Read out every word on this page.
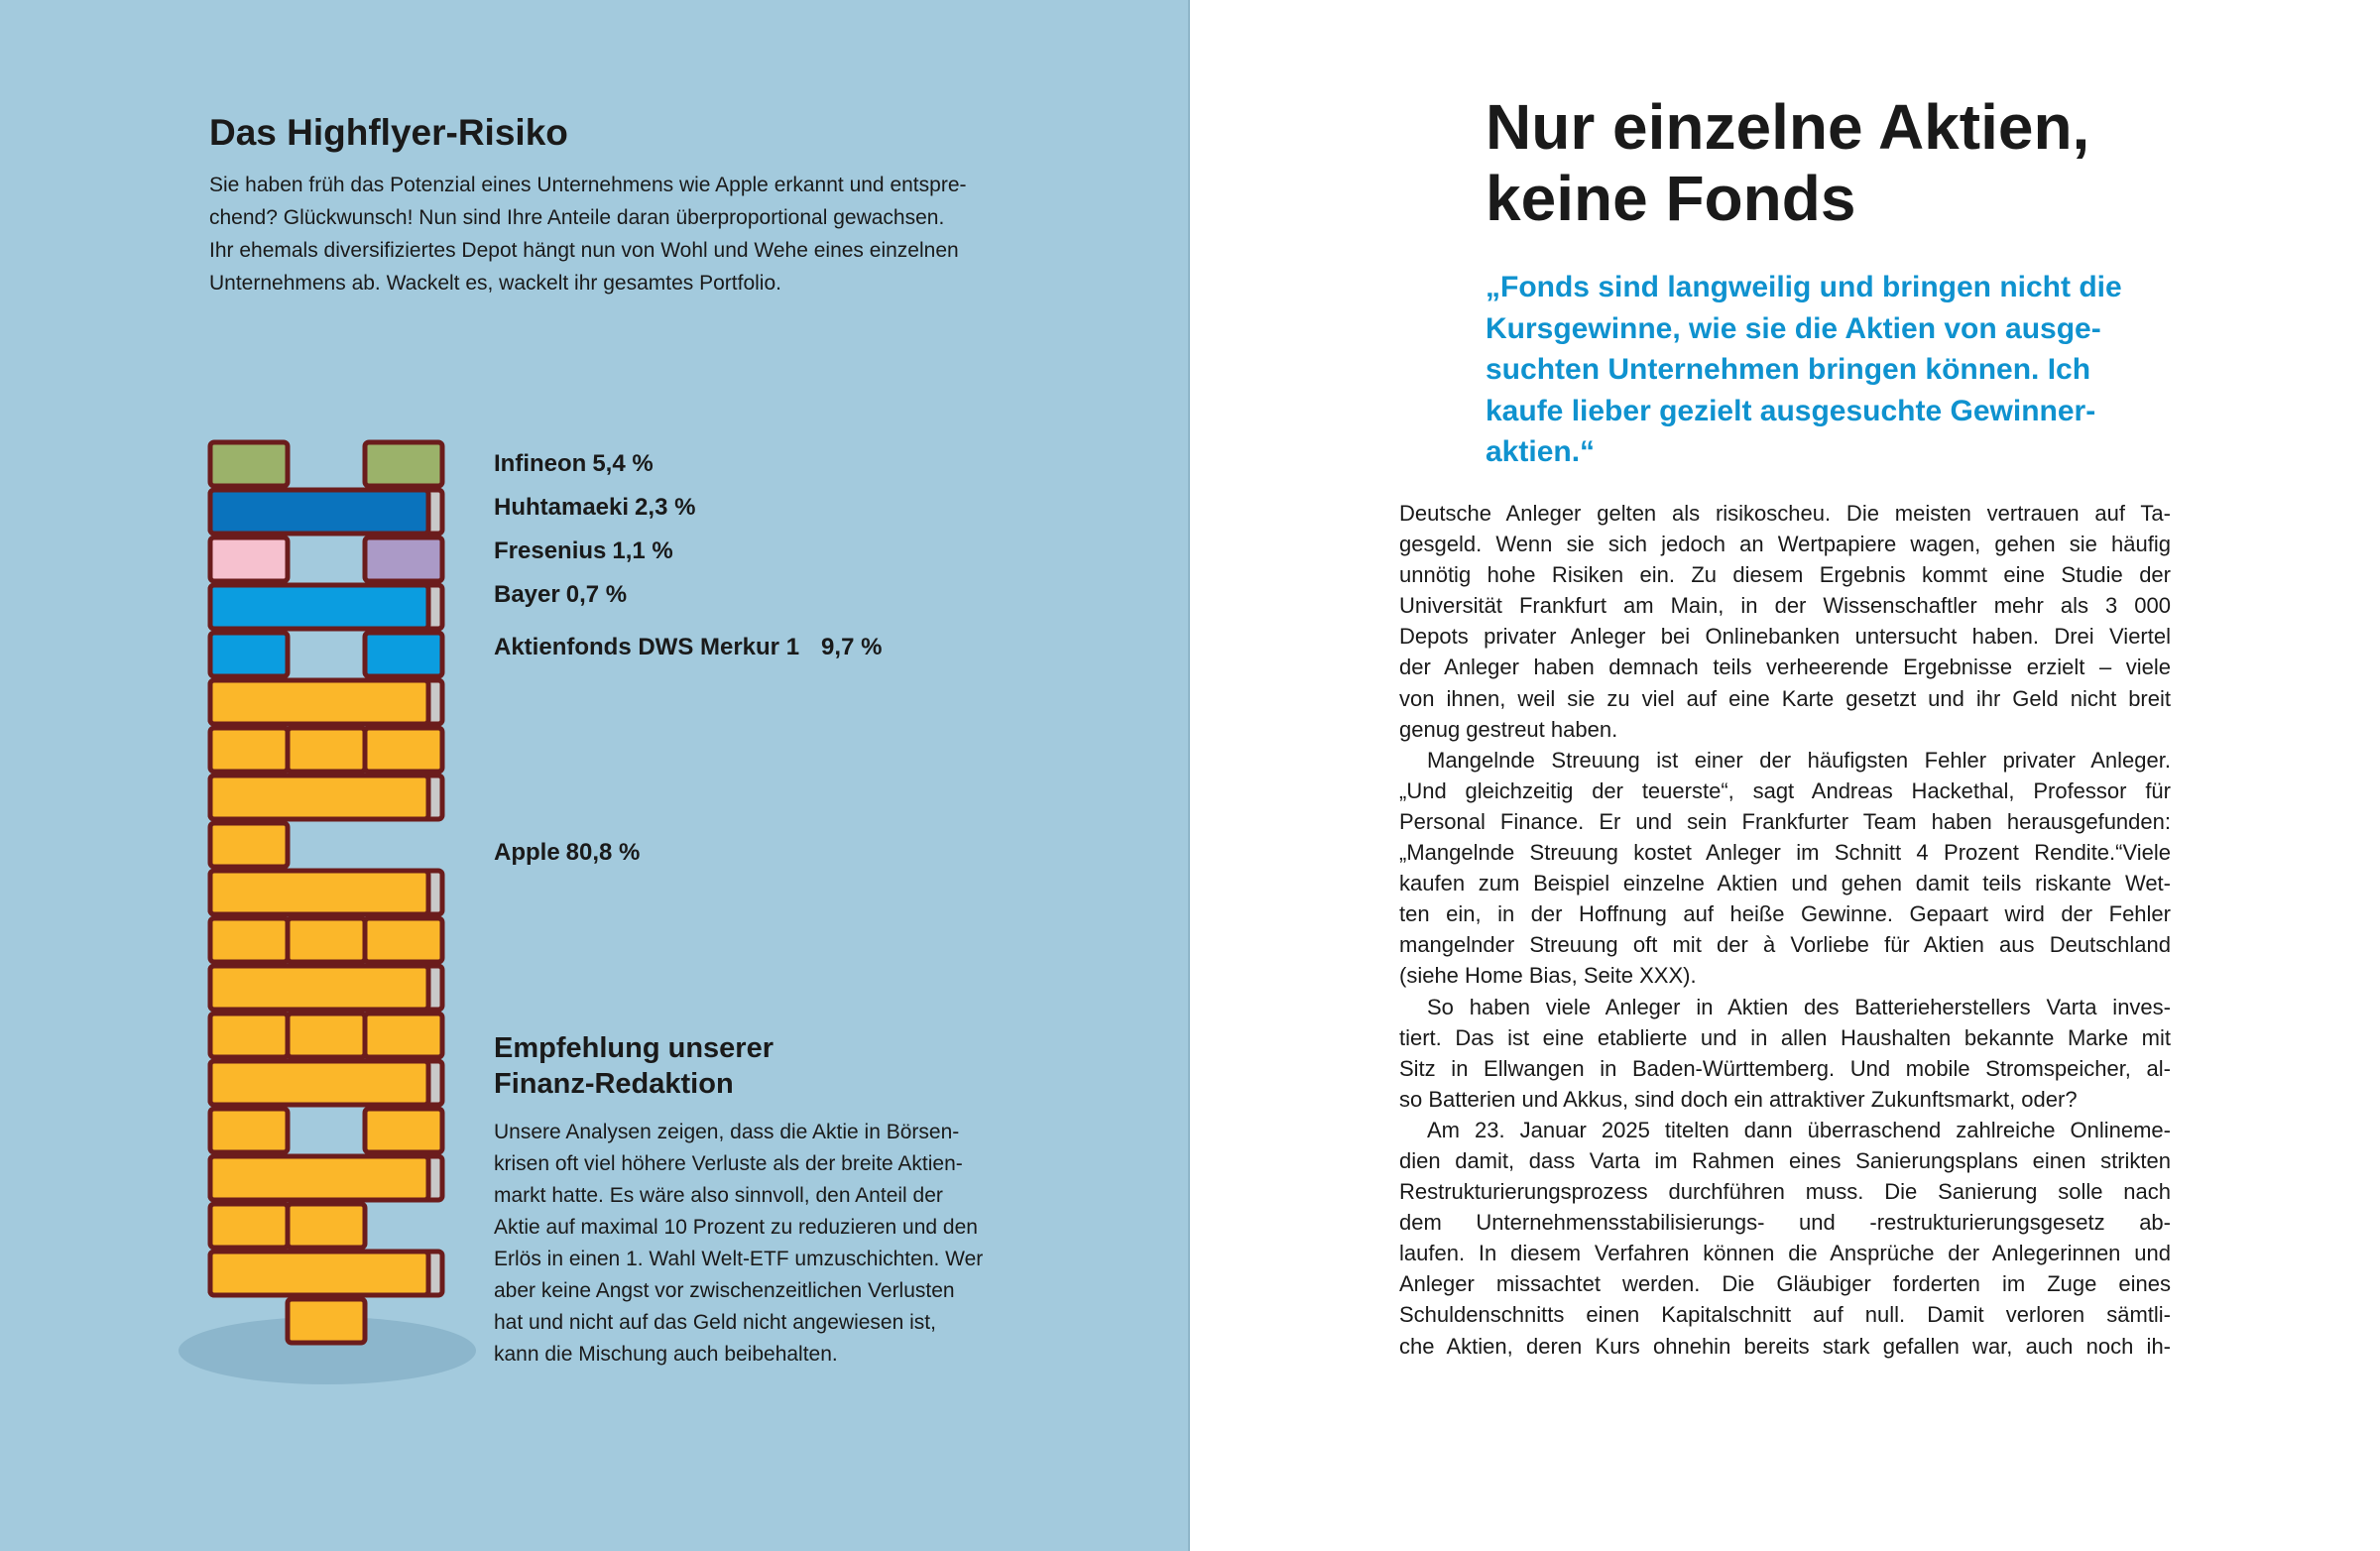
Das Highflyer-Risiko

Sie haben früh das Potenzial eines Unternehmens wie Apple erkannt und entspre-
chend? Glückwunsch! Nun sind Ihre Anteile daran überproportional gewachsen.
Ihr ehemals diversifiziertes Depot hängt nun von Wohl und Wehe eines einzelnen
Unternehmens ab. Wackelt es, wackelt ihr gesamtes Portfolio.

Infineon 5,4 %
Huhtamaeki 2,3 %
Fresenius 1,1 %
Bayer 0,7 %
Aktienfonds DWS Merkur 1 9,7 %
Apple 80,8 %
Empfehlung unserer
Finanz-Redaktion

Unsere Analysen zeigen, dass die Aktie in Börsen-
krisen oft viel höhere Verluste als der breite Aktien-
markt hatte. Es wäre also sinnvoll, den Anteil der
Aktie auf maximal 10 Prozent zu reduzieren und den
Erlös in einen 1. Wahl Welt-ETF umzuschichten. Wer
aber keine Angst vor zwischenzeitlichen Verlusten
hat und nicht auf das Geld nicht angewiesen ist,
kann die Mischung auch beibehalten.

Nur einzelne Aktien,
keine Fonds

„Fonds sind langweilig und bringen nicht die
Kursgewinne, wie sie die Aktien von ausge-
suchten Unternehmen bringen können. Ich
kaufe lieber gezielt ausgesuchte Gewinner-
aktien.“

Deutsche Anleger gelten als risikoscheu. Die meisten vertrauen auf Ta-
gesgeld. Wenn sie sich jedoch an Wertpapiere wagen, gehen sie häufig
unnötig hohe Risiken ein. Zu diesem Ergebnis kommt eine Studie der
Universität Frankfurt am Main, in der Wissenschaftler mehr als 3 000
Depots privater Anleger bei Onlinebanken untersucht haben. Drei Viertel
der Anleger haben demnach teils verheerende Ergebnisse erzielt – viele
von ihnen, weil sie zu viel auf eine Karte gesetzt und ihr Geld nicht breit
genug gestreut haben.
Mangelnde Streuung ist einer der häufigsten Fehler privater Anleger.
„Und gleichzeitig der teuerste“, sagt Andreas Hackethal, Professor für
Personal Finance. Er und sein Frankfurter Team haben herausgefunden:
„Mangelnde Streuung kostet Anleger im Schnitt 4 Prozent Rendite.“Viele
kaufen zum Beispiel einzelne Aktien und gehen damit teils riskante Wet-
ten ein, in der Hoffnung auf heiße Gewinne. Gepaart wird der Fehler
mangelnder Streuung oft mit der à Vorliebe für Aktien aus Deutschland
(siehe Home Bias, Seite XXX).
So haben viele Anleger in Aktien des Batterieherstellers Varta inves-
tiert. Das ist eine etablierte und in allen Haushalten bekannte Marke mit
Sitz in Ellwangen in Baden-Württemberg. Und mobile Stromspeicher, al-
so Batterien und Akkus, sind doch ein attraktiver Zukunftsmarkt, oder?
Am 23. Januar 2025 titelten dann überraschend zahlreiche Onlineme-
dien damit, dass Varta im Rahmen eines Sanierungsplans einen strikten
Restrukturierungsprozess durchführen muss. Die Sanierung solle nach
dem Unternehmensstabilisierungs- und -restrukturierungsgesetz ab-
laufen. In diesem Verfahren können die Ansprüche der Anlegerinnen und
Anleger missachtet werden. Die Gläubiger forderten im Zuge eines
Schuldenschnitts einen Kapitalschnitt auf null. Damit verloren sämtli-
che Aktien, deren Kurs ohnehin bereits stark gefallen war, auch noch ih-
